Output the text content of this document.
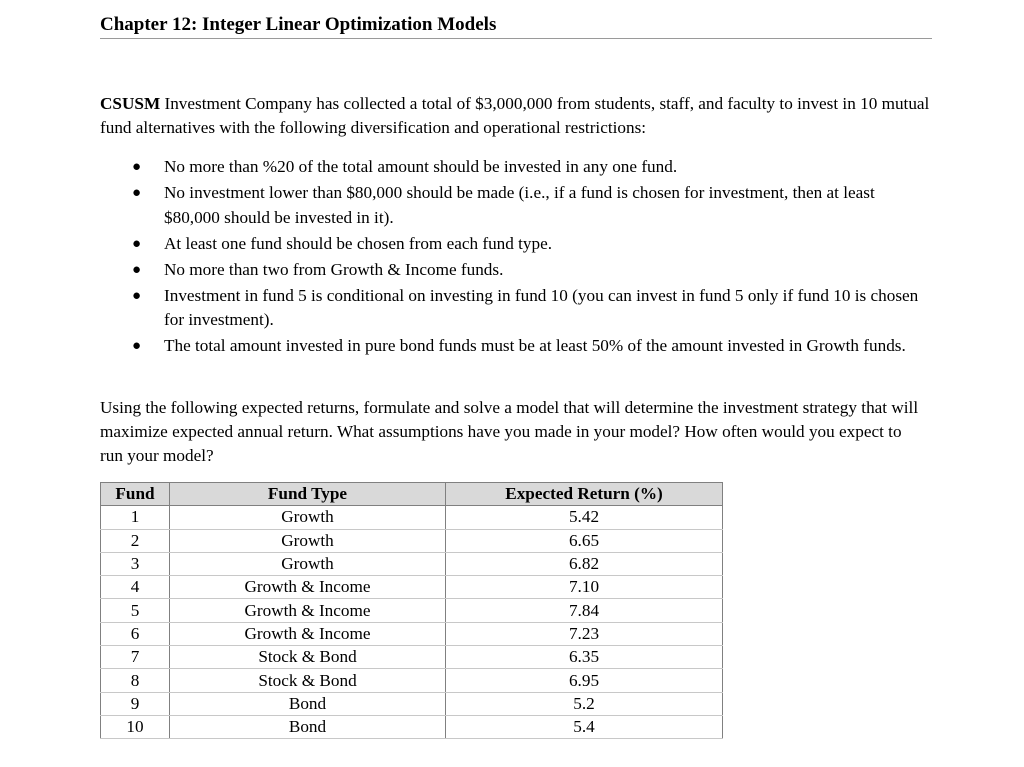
Chapter 12: Integer Linear Optimization Models

CSUSM Investment Company has collected a total of $3,000,000 from students, staff, and faculty to invest in 10 mutual fund alternatives with the following diversification and operational restrictions:

● No more than %20 of the total amount should be invested in any one fund.
● No investment lower than $80,000 should be made (i.e., if a fund is chosen for investment, then at least $80,000 should be invested in it).
● At least one fund should be chosen from each fund type.
● No more than two from Growth & Income funds.
● Investment in fund 5 is conditional on investing in fund 10 (you can invest in fund 5 only if fund 10 is chosen for investment).
● The total amount invested in pure bond funds must be at least 50% of the amount invested in Growth funds.

Using the following expected returns, formulate and solve a model that will determine the investment strategy that will maximize expected annual return. What assumptions have you made in your model? How often would you expect to run your model?

Fund	Fund Type	Expected Return (%)
1	Growth	5.42
2	Growth	6.65
3	Growth	6.82
4	Growth & Income	7.10
5	Growth & Income	7.84
6	Growth & Income	7.23
7	Stock & Bond	6.35
8	Stock & Bond	6.95
9	Bond	5.2
10	Bond	5.4
